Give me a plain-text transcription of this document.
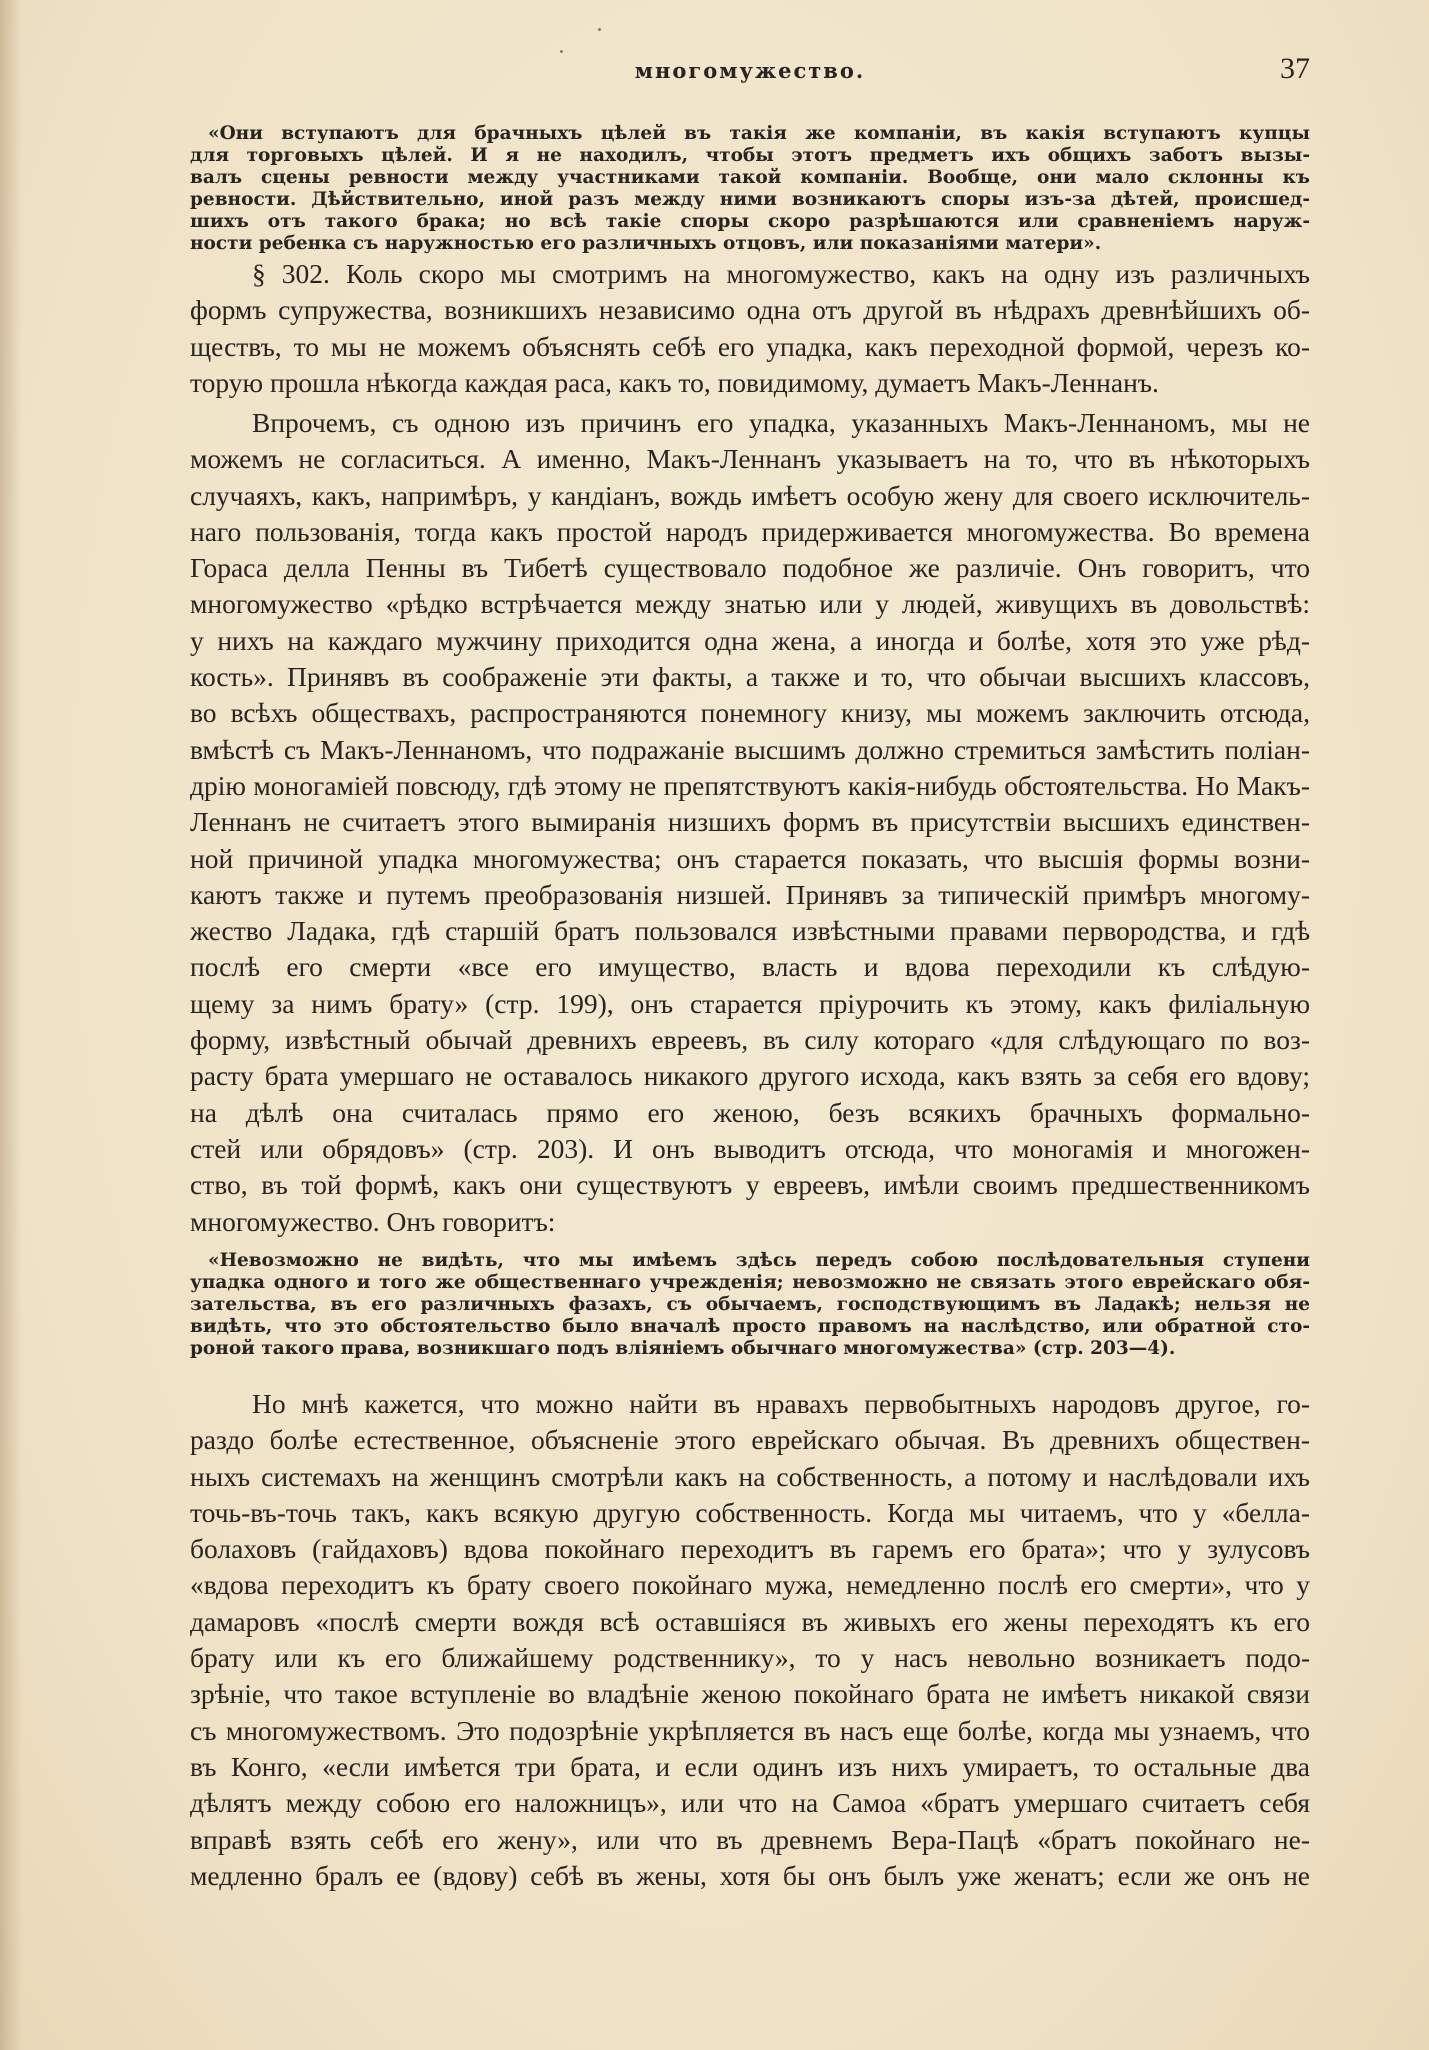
многомужество.	37
«Они вступаютъ для брачныхъ цѣлей въ такія же компаніи, въ какія вступаютъ купцы
для торговыхъ цѣлей. И я не находилъ, чтобы этотъ предметъ ихъ общихъ заботъ вызы-
валъ сцены ревности между участниками такой компаніи. Вообще, они мало склонны къ
ревности. Дѣйствительно, иной разъ между ними возникаютъ споры изъ-за дѣтей, происшед-
шихъ отъ такого брака; но всѣ такіе споры скоро разрѣшаются или сравненіемъ наруж-
ности ребенка съ наружностью его различныхъ отцовъ, или показаніями матери».
§ 302. Коль скоро мы смотримъ на многомужество, какъ на одну изъ различныхъ
формъ супружества, возникшихъ независимо одна отъ другой въ нѣдрахъ древнѣйшихъ об-
ществъ, то мы не можемъ объяснять себѣ его упадка, какъ переходной формой, черезъ ко-
торую прошла нѣкогда каждая раса, какъ то, повидимому, думаетъ Макъ-Леннанъ.
Впрочемъ, съ одною изъ причинъ его упадка, указанныхъ Макъ-Леннаномъ, мы не
можемъ не согласиться. А именно, Макъ-Леннанъ указываетъ на то, что въ нѣкоторыхъ
случаяхъ, какъ, напримѣръ, у кандіанъ, вождь имѣетъ особую жену для своего исключитель-
наго пользованія, тогда какъ простой народъ придерживается многомужества. Во времена
Гораса делла Пенны въ Тибетѣ существовало подобное же различіе. Онъ говоритъ, что
многомужество «рѣдко встрѣчается между знатью или у людей, живущихъ въ довольствѣ:
у нихъ на каждаго мужчину приходится одна жена, а иногда и болѣе, хотя это уже рѣд-
кость». Принявъ въ соображеніе эти факты, а также и то, что обычаи высшихъ классовъ,
во всѣхъ обществахъ, распространяются понемногу книзу, мы можемъ заключить отсюда,
вмѣстѣ съ Макъ-Леннаномъ, что подражаніе высшимъ должно стремиться замѣстить поліан-
дрію моногаміей повсюду, гдѣ этому не препятствуютъ какія-нибудь обстоятельства. Но Макъ-
Леннанъ не считаетъ этого вымиранія низшихъ формъ въ присутствіи высшихъ единствен-
ной причиной упадка многомужества; онъ старается показать, что высшія формы возни-
каютъ также и путемъ преобразованія низшей. Принявъ за типическій примѣръ многому-
жество Ладака, гдѣ старшій братъ пользовался извѣстными правами первородства, и гдѣ
послѣ его смерти «все его имущество, власть и вдова переходили къ слѣдую-
щему за нимъ брату» (стр. 199), онъ старается пріурочить къ этому, какъ филіальную
форму, извѣстный обычай древнихъ евреевъ, въ силу котораго «для слѣдующаго по воз-
расту брата умершаго не оставалось никакого другого исхода, какъ взять за себя его вдову;
на дѣлѣ она считалась прямо его женою, безъ всякихъ брачныхъ формально-
стей или обрядовъ» (стр. 203). И онъ выводитъ отсюда, что моногамія и многожен-
ство, въ той формѣ, какъ они существуютъ у евреевъ, имѣли своимъ предшественникомъ
многомужество. Онъ говоритъ:
«Невозможно не видѣть, что мы имѣемъ здѣсь передъ собою послѣдовательныя ступени
упадка одного и того же общественнаго учрежденія; невозможно не связать этого еврейскаго обя-
зательства, въ его различныхъ фазахъ, съ обычаемъ, господствующимъ въ Ладакѣ; нельзя не
видѣть, что это обстоятельство было вначалѣ просто правомъ на наслѣдство, или обратной сто-
роной такого права, возникшаго подъ вліяніемъ обычнаго многомужества» (стр. 203—4).
Но мнѣ кажется, что можно найти въ нравахъ первобытныхъ народовъ другое, го-
раздо болѣе естественное, объясненіе этого еврейскаго обычая. Въ древнихъ обществен-
ныхъ системахъ на женщинъ смотрѣли какъ на собственность, а потому и наслѣдовали ихъ
точь-въ-точь такъ, какъ всякую другую собственность. Когда мы читаемъ, что у «белла-
болаховъ (гайдаховъ) вдова покойнаго переходитъ въ гаремъ его брата»; что у зулусовъ
«вдова переходитъ къ брату своего покойнаго мужа, немедленно послѣ его смерти», что у
дамаровъ «послѣ смерти вождя всѣ оставшіяся въ живыхъ его жены переходятъ къ его
брату или къ его ближайшему родственнику», то у насъ невольно возникаетъ подо-
зрѣніе, что такое вступленіе во владѣніе женою покойнаго брата не имѣетъ никакой связи
съ многомужествомъ. Это подозрѣніе укрѣпляется въ насъ еще болѣе, когда мы узнаемъ, что
въ Конго, «если имѣется три брата, и если одинъ изъ нихъ умираетъ, то остальные два
дѣлятъ между собою его наложницъ», или что на Самоа «братъ умершаго считаетъ себя
вправѣ взять себѣ его жену», или что въ древнемъ Вера-Пацѣ «братъ покойнаго не-
медленно бралъ ее (вдову) себѣ въ жены, хотя бы онъ былъ уже женатъ; если же онъ не
